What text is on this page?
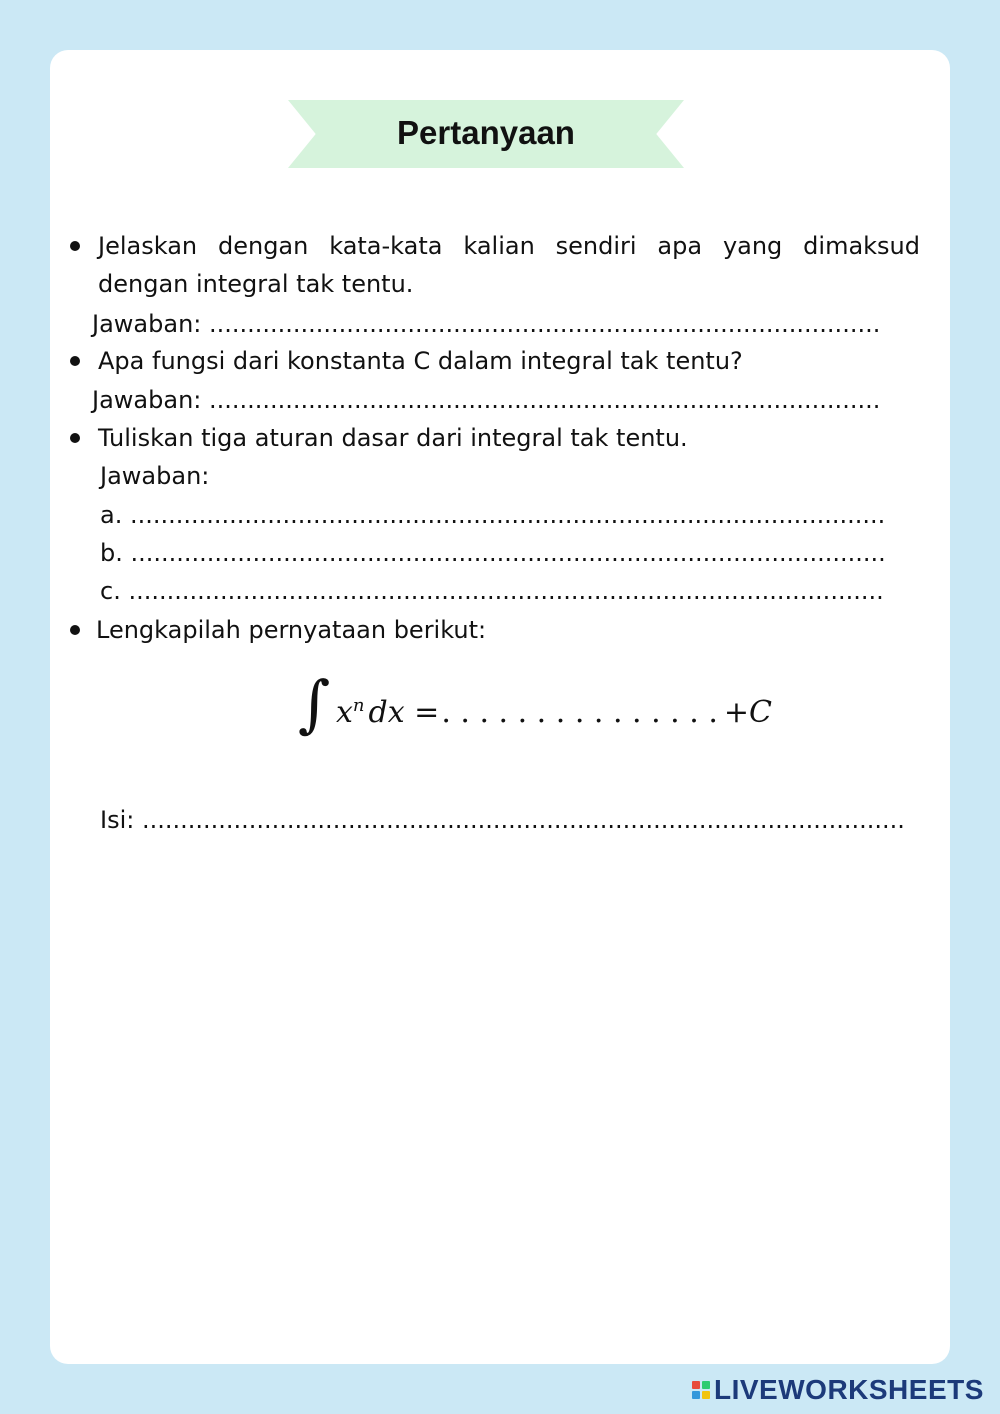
Pertanyaan
Jelaskan dengan kata-kata kalian sendiri apa yang dimaksud
dengan integral tak tentu.
Jawaban: ........................................................................................
Apa fungsi dari konstanta C dalam integral tak tentu?
Jawaban: ........................................................................................
Tuliskan tiga aturan dasar dari integral tak tentu.
Jawaban:
a. ...................................................................................................
b. ...................................................................................................
c. ...................................................................................................
Lengkapilah pernyataan berikut:
∫ $x^n$ dx =. . . . . . . . . . . . . . . +C
Isi: ....................................................................................................
LIVEWORKSHEETS
